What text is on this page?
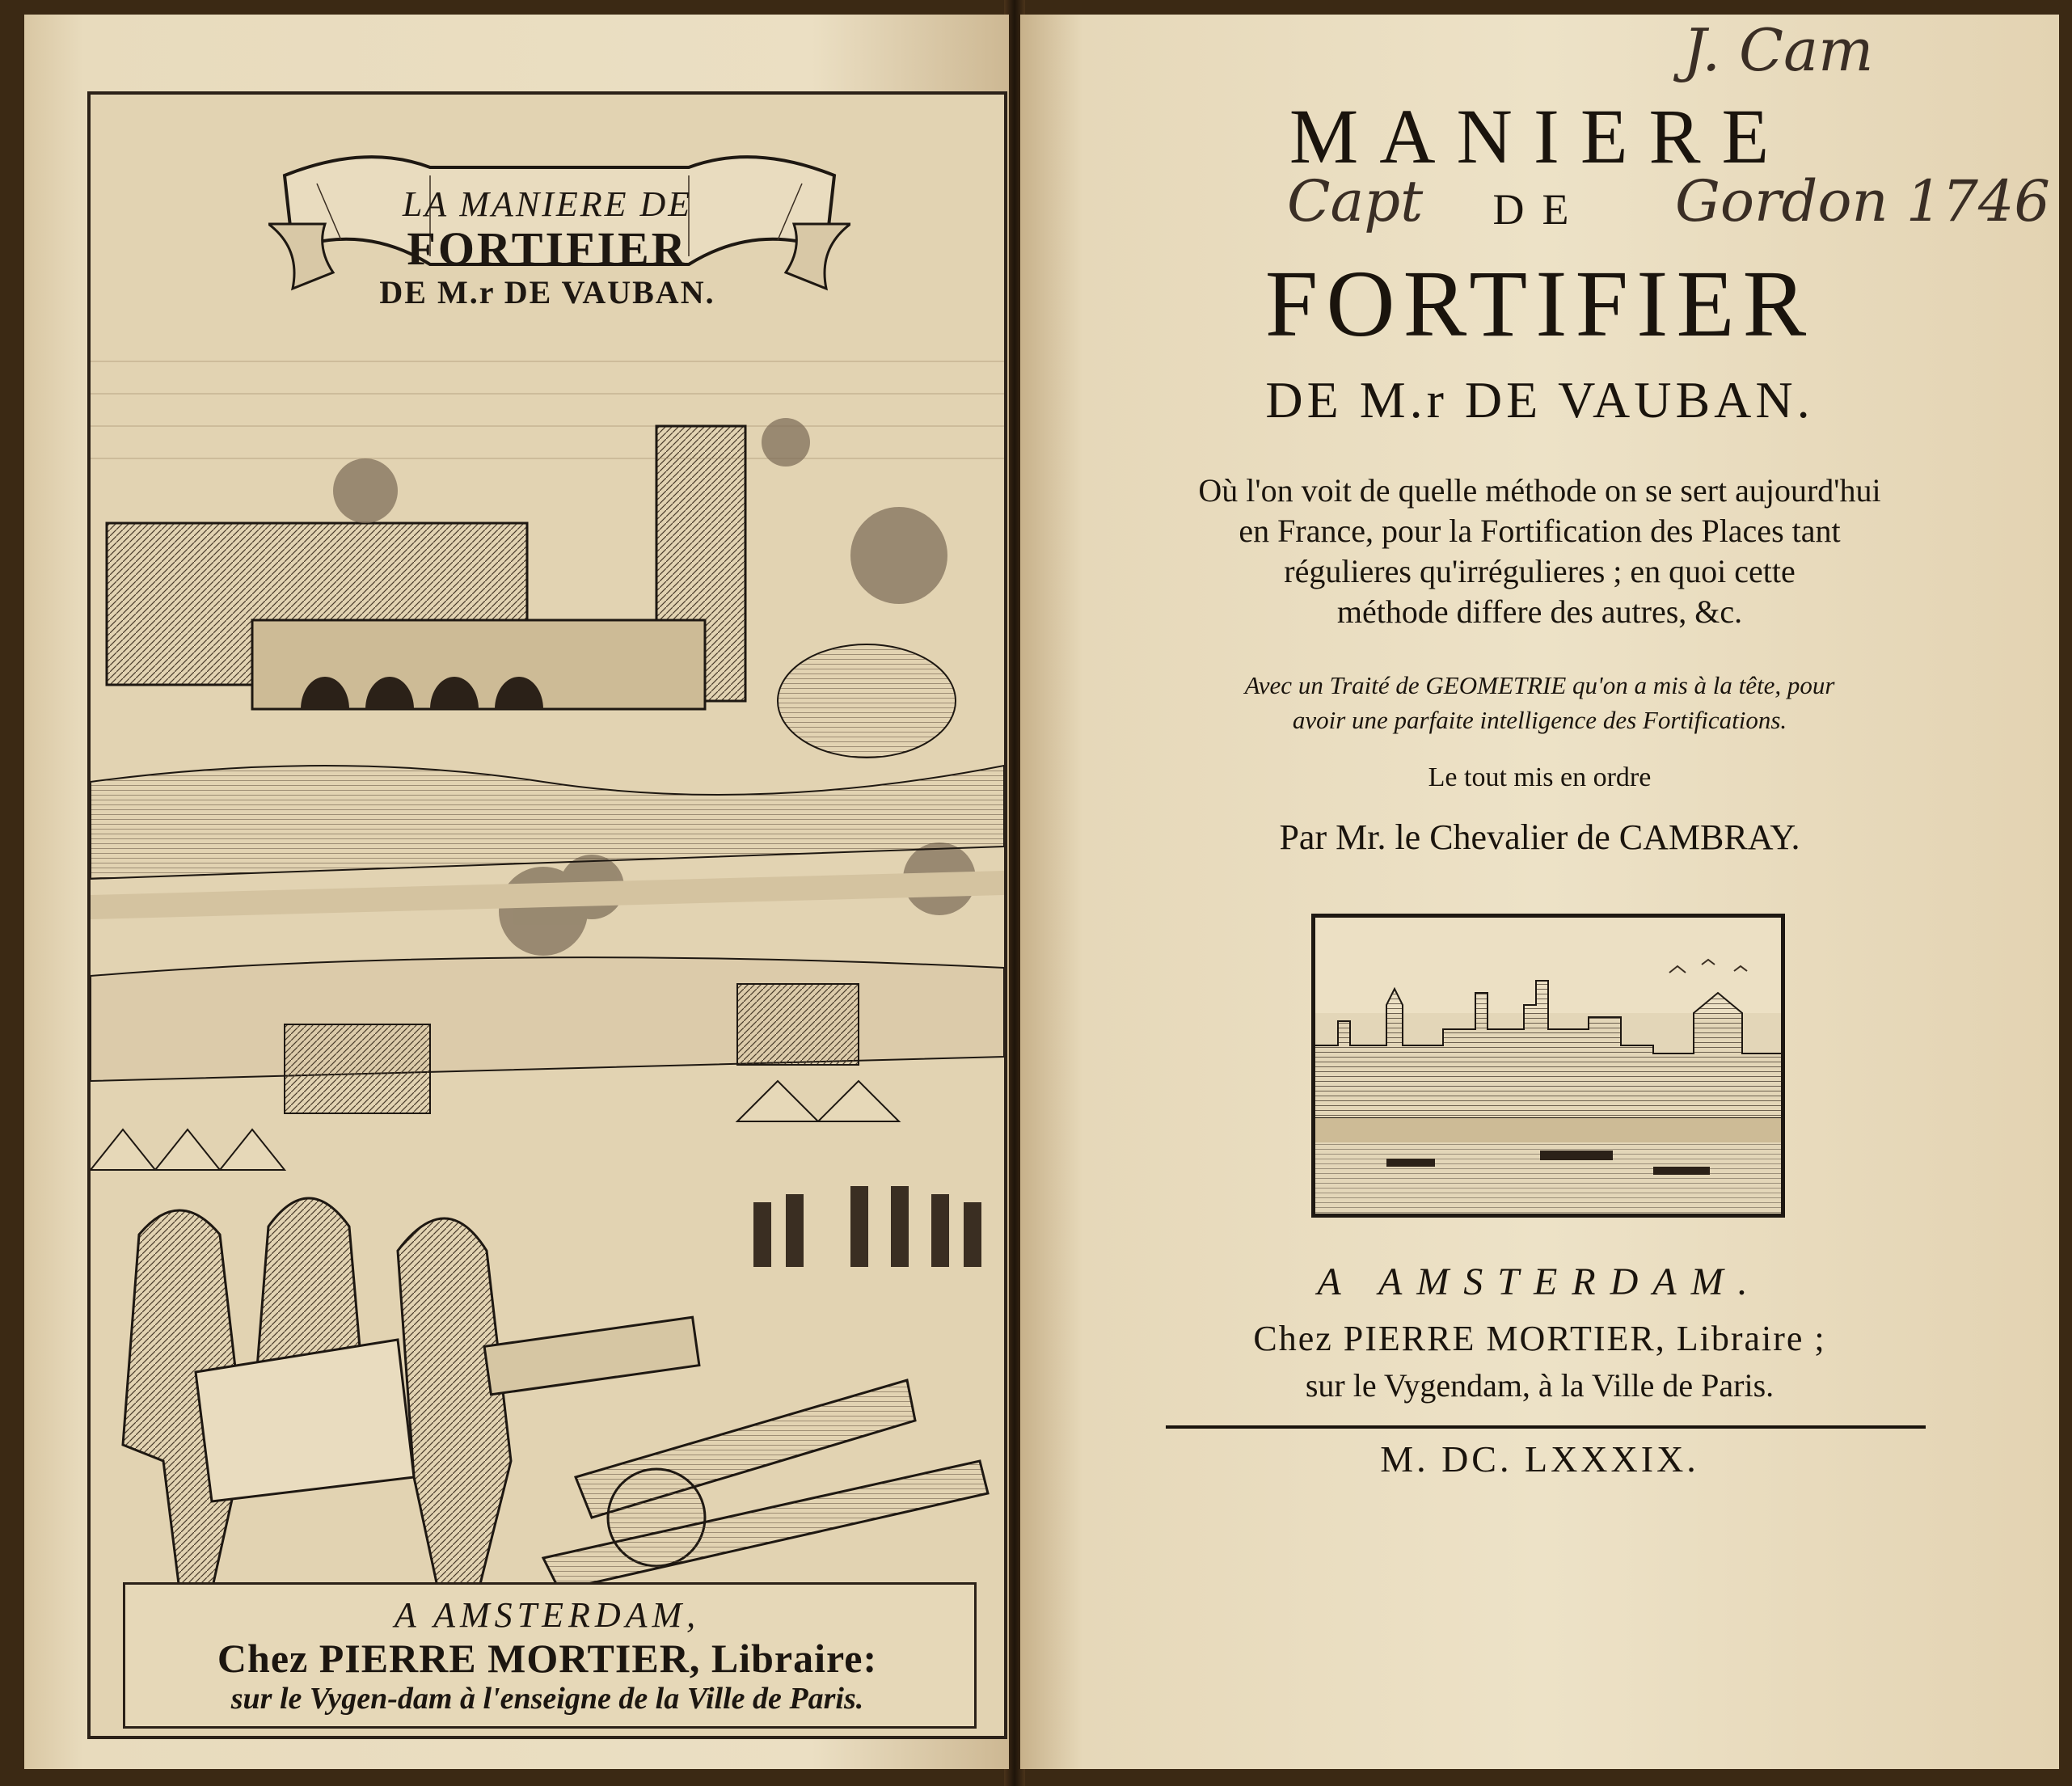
LA MANIERE DE
FORTIFIER
DE M.r DE VAUBAN.
A AMSTERDAM,
Chez PIERRE MORTIER, Libraire:
sur le Vygen-dam à l'enseigne de la Ville de Paris.
J. Cam
MANIERE
DE
Capt	Gordon 1746
FORTIFIER
DE M.r DE VAUBAN.
Où l'on voit de quelle méthode on se sert aujourd'hui
en France, pour la Fortification des Places tant
régulieres qu'irrégulieres ; en quoi cette
méthode differe des autres, &c.
Avec un Traité de GEOMETRIE qu'on a mis à la tête, pour
avoir une parfaite intelligence des Fortifications.
Le tout mis en ordre
Par Mr. le Chevalier de CAMBRAY.
A AMSTERDAM.
Chez PIERRE MORTIER, Libraire ;
sur le Vygendam, à la Ville de Paris.
M. DC. LXXXIX.
